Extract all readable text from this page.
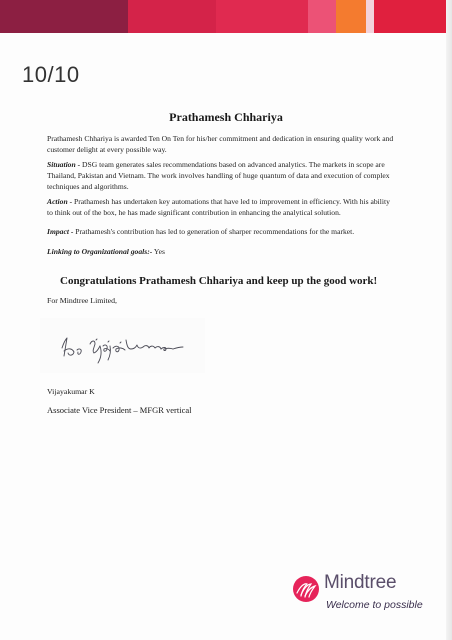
10/10
Prathamesh Chhariya

Prathamesh Chhariya is awarded Ten On Ten for his/her commitment and dedication in ensuring quality work and customer delight at every possible way.

Situation - DSG team generates sales recommendations based on advanced analytics. The markets in scope are Thailand, Pakistan and Vietnam. The work involves handling of huge quantum of data and execution of complex techniques and algorithms.

Action - Prathamesh has undertaken key automations that have led to improvement in efficiency. With his ability to think out of the box, he has made significant contribution in enhancing the analytical solution.

Impact - Prathamesh's contribution has led to generation of sharper recommendations for the market.

Linking to Organizational goals:- Yes

Congratulations Prathamesh Chhariya and keep up the good work!
For Mindtree Limited,
Vijayakumar K
Associate Vice President – MFGR vertical
Mindtree
Welcome to possible
